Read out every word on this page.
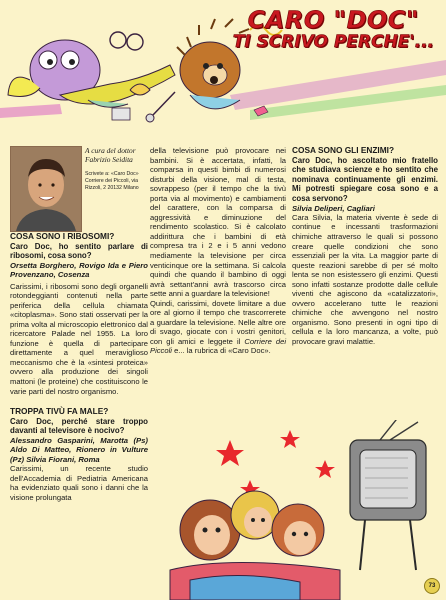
CARO "DOC"
TI SCRIVO PERCHE'...
A cura del dottor Fabrizio Seidita
Scrivete a: «Caro Doc» Corriere dei Piccoli, via Rizzoli, 2 20132 Milano

COSA SONO I RIBOSOMI?

Caro Doc, ho sentito parlare di ribosomi, cosa sono?

Orsetta Borghero, Rovigo Ida e Piero Provenzano, Cosenza

Carissimi, i ribosomi sono degli organelli rotondeggianti contenuti nella parte periferica della cellula chiamata «citoplasma». Sono stati osservati per la prima volta al microscopio elettronico dal ricercatore Palade nel 1955. La loro funzione è quella di partecipare direttamente a quel meraviglioso meccanismo che è la «sintesi proteica» ovvero alla produzione dei singoli mattoni (le proteine) che costituiscono le varie parti del nostro organismo.

TROPPA TIVÙ FA MALE?

Caro Doc, perché stare troppo davanti al televisore è nocivo?

Alessandro Gasparini, Marotta (Ps) Aldo Di Matteo, Rionero in Vulture (Pz) Silvia Fiorani, Roma

Carissimi, un recente studio dell'Accademia di Pediatria Americana ha evidenziato quali sono i danni che la visione prolungata

della televisione può provocare nei bambini. Si è accertata, infatti, la comparsa in questi bimbi di numerosi disturbi della visione, mal di testa, sovrappeso (per il tempo che la tivù porta via al movimento) e cambiamenti del carattere, con la comparsa di aggressività e diminuzione del rendimento scolastico. Si è calcolato addirittura che i bambini di età compresa tra i 2 e i 5 anni vedono mediamente la televisione per circa venticinque ore la settimana. Si calcola quindi che quando il bambino di oggi avrà settant'anni avrà trascorso circa sette anni a guardare la televisione!

Quindi, carissimi, dovete limitare a due ore al giorno il tempo che trascorrerete a guardare la televisione. Nelle altre ore di svago, giocate con i vostri genitori, con gli amici e leggete il Corriere dei Piccoli e... la rubrica di «Caro Doc».

COSA SONO GLI ENZIMI?

Caro Doc, ho ascoltato mio fratello che studiava scienze e ho sentito che nominava continuamente gli enzimi. Mi potresti spiegare cosa sono e a cosa servono?

Silvia Deliperi, Cagliari

Cara Silvia, la materia vivente è sede di continue e incessanti trasformazioni chimiche attraverso le quali si possono creare quelle condizioni che sono essenziali per la vita. La maggior parte di queste reazioni sarebbe di per sé molto lenta se non esistessero gli enzimi. Questi sono infatti sostanze prodotte dalle cellule viventi che agiscono da «catalizzatori», ovvero accelerano tutte le reazioni chimiche che avvengono nel nostro organismo. Sono presenti in ogni tipo di cellula e la loro mancanza, a volte, può provocare gravi malattie.

73
